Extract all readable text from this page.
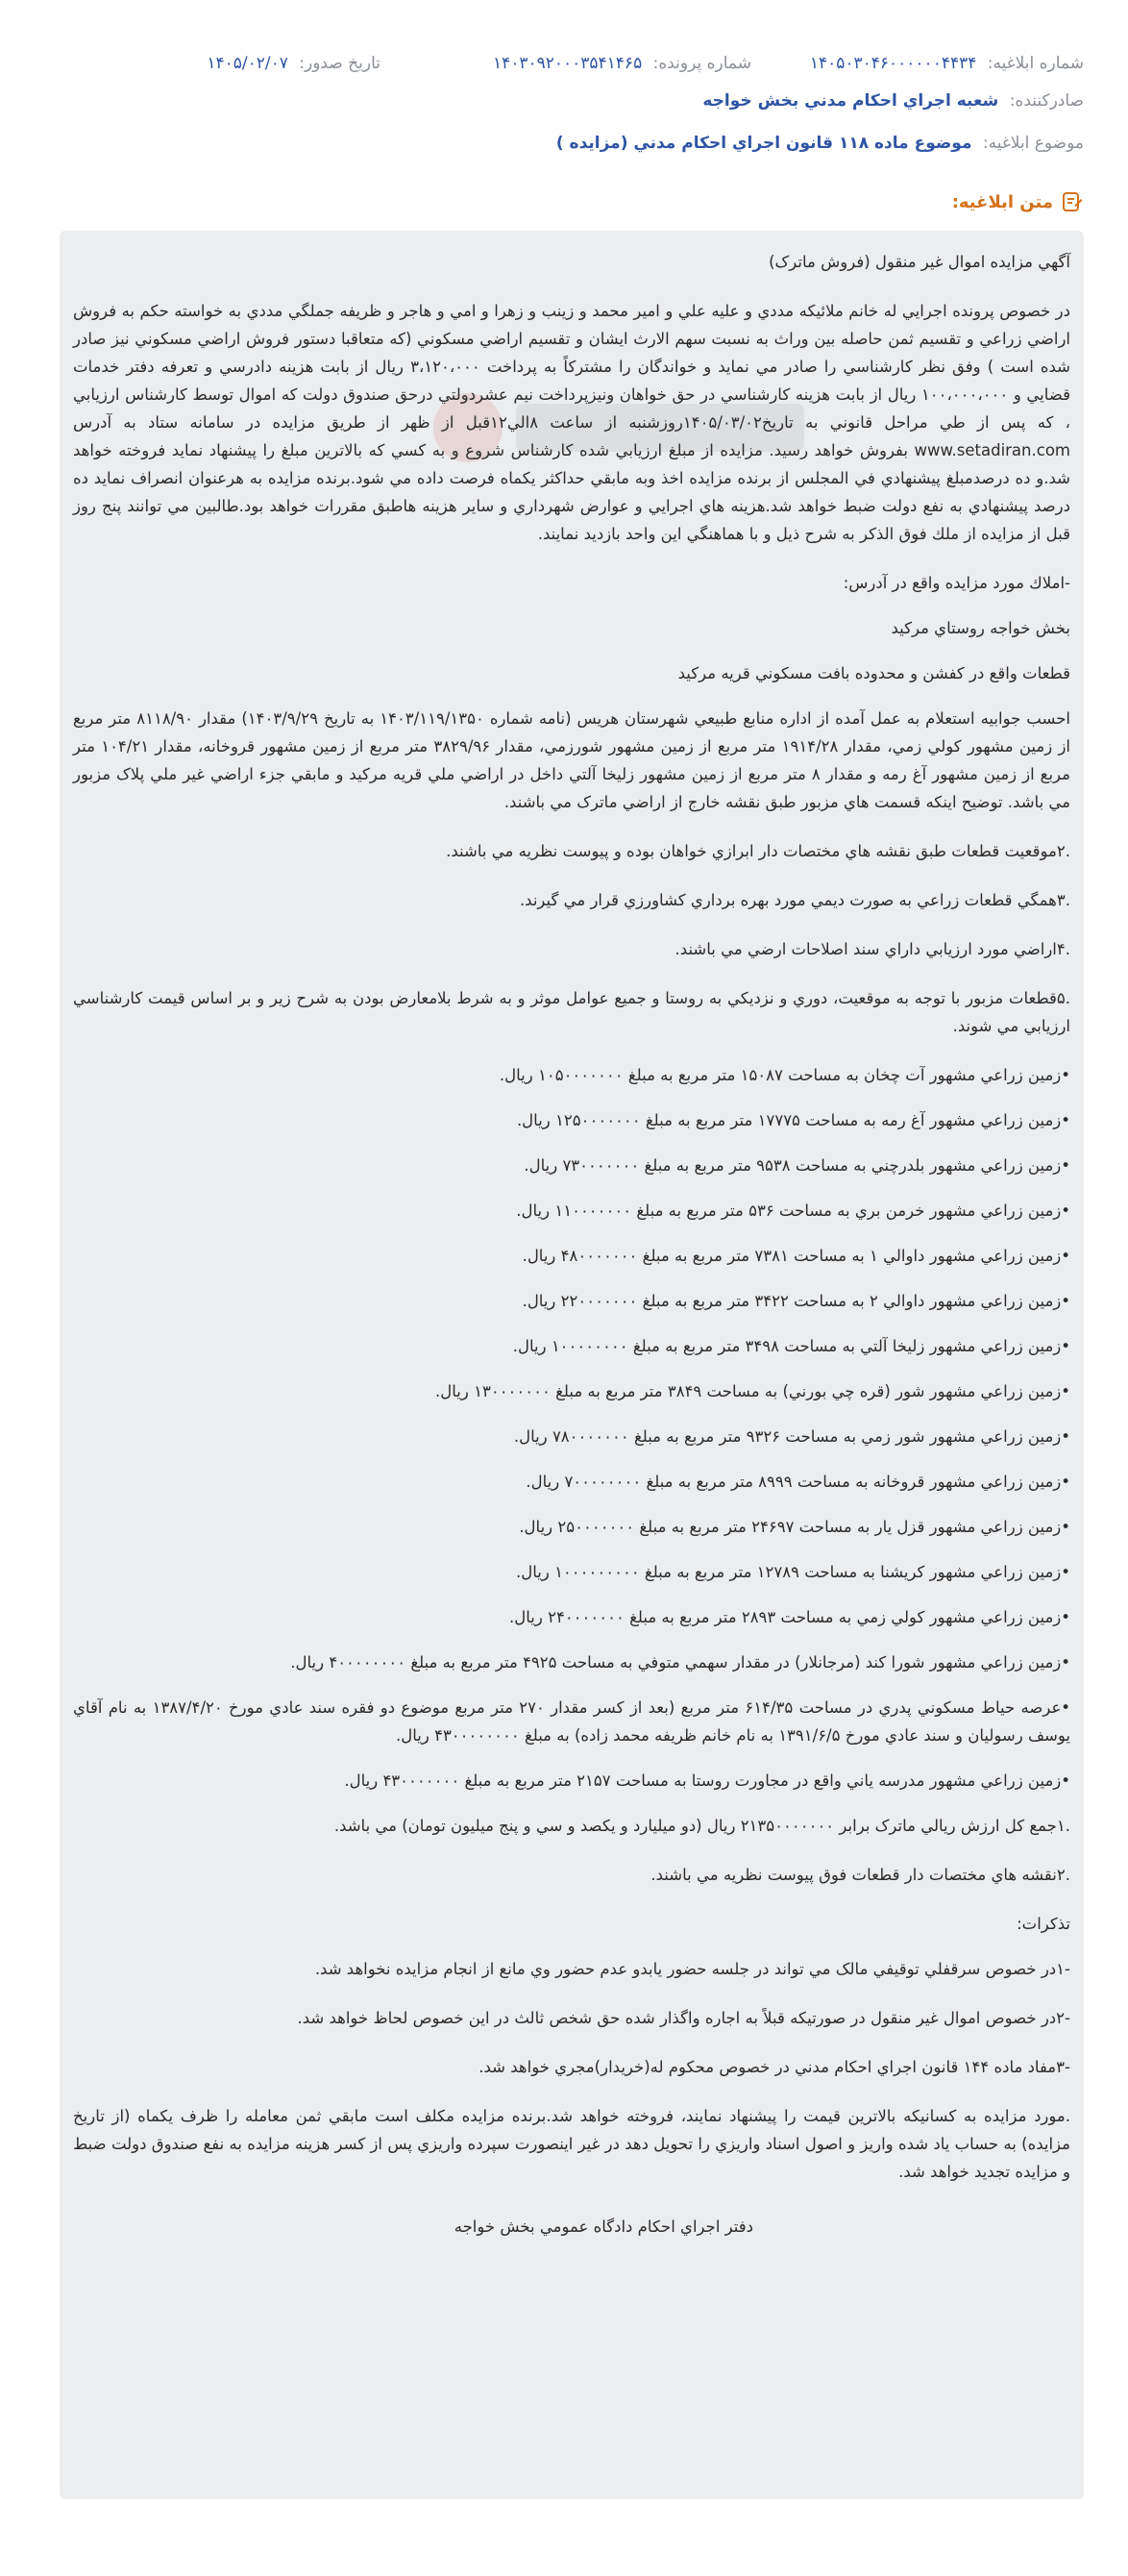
شماره ابلاغيه: ۱۴۰۵۰۳۰۴۶۰۰۰۰۰۰۴۴۳۴
شماره پرونده: ۱۴۰۳۰۹۲۰۰۰۳۵۴۱۴۶۵
تاريخ صدور: ۱۴۰۵/۰۲/۰۷
صادرکننده: شعبه اجراي احكام مدني بخش خواجه
موضوع ابلاغيه: موضوع ماده ۱۱۸ قانون اجراي احكام مدني (مزايده )
متن ابلاغيه:

آگهي مزايده اموال غير منقول (فروش ماترک)

در خصوص پرونده اجرايي له خانم ملائيکه مددي و عليه علي و امير محمد و زينب و زهرا و امي و هاجر و ظريفه جملگي مددي به خواسته حکم به فروش اراضي زراعي و تقسيم ثمن حاصله بين وراث به نسبت سهم الارث ايشان و تقسيم اراضي مسکوني (که متعاقبا دستور فروش اراضي مسکوني نيز صادر شده است ) وفق نظر کارشناسي را صادر مي نمايد و خواندگان را مشترکاً به پرداخت ۳،۱۲۰،۰۰۰ ريال از بابت هزينه دادرسي و تعرفه دفتر خدمات قضايي و ۱۰۰،۰۰۰،۰۰۰ ريال از بابت هزينه کارشناسي در حق خواهان ونيزپرداخت نيم عشردولتي درحق صندوق دولت که اموال توسط کارشناس ارزيابي ، که پس از طي مراحل قانوني به تاريخ۱۴۰۵/۰۳/۰۲روزشنبه از ساعت ۸الي۱۲قبل از ظهر از طريق مزايده در سامانه ستاد به آدرس www.setadiran.com بفروش خواهد رسيد. مزايده از مبلغ ارزيابي شده کارشناس شروع و به کسي که بالاترين مبلغ را پيشنهاد نمايد فروخته خواهد شد.و ده درصدمبلغ پيشنهادي في المجلس از برنده مزايده اخذ وبه مابقي حداکثر يکماه فرصت داده مي شود.برنده مزايده به هرعنوان انصراف نمايد ده درصد پيشنهادي به نفع دولت ضبط خواهد شد.هزينه هاي اجرايي و عوارض شهرداري و ساير هزينه هاطبق مقررات خواهد بود.طالبين مي توانند پنج روز قبل از مزايده از ملك فوق الذكر به شرح ذيل و با هماهنگي اين واحد بازديد نمايند.

-املاك مورد مزايده واقع در آدرس:

بخش خواجه روستاي مرکيد

قطعات واقع در کفشن و محدوده بافت مسکوني قريه مرکيد

احسب جوابيه استعلام به عمل آمده از اداره منابع طبيعي شهرستان هريس (نامه شماره ۱۴۰۳/۱۱۹/۱۳۵۰ به تاريخ ۱۴۰۳/۹/۲۹) مقدار ۸۱۱۸/۹۰ متر مربع از زمين مشهور کولي زمي، مقدار ۱۹۱۴/۲۸ متر مربع از زمين مشهور شورزمي، مقدار ۳۸۲۹/۹۶ متر مربع از زمين مشهور قروخانه، مقدار ۱۰۴/۲۱ متر مربع از زمين مشهور آغ رمه و مقدار ۸ متر مربع از زمين مشهور زليخا آلتي داخل در اراضي ملي قريه مرکيد و مابقي جزء اراضي غير ملي پلاک مزبور مي باشد. توضيح اينکه قسمت هاي مزبور طبق نقشه خارج از اراضي ماترک مي باشند.

.۲موقعيت قطعات طبق نقشه هاي مختصات دار ابرازي خواهان بوده و پيوست نظريه مي باشند.

.۳همگي قطعات زراعي به صورت ديمي مورد بهره برداري کشاورزي قرار مي گيرند.

.۴اراضي مورد ارزيابي داراي سند اصلاحات ارضي مي باشند.

.۵قطعات مزبور با توجه به موقعيت، دوري و نزديکي به روستا و جميع عوامل موثر و به شرط بلامعارض بودن به شرح زير و بر اساس قيمت کارشناسي ارزيابي مي شوند.

•زمين زراعي مشهور آت چخان به مساحت ۱۵۰۸۷ متر مربع به مبلغ ۱۰۵۰۰۰۰۰۰۰ ريال.

•زمين زراعي مشهور آغ رمه به مساحت ۱۷۷۷۵ متر مربع به مبلغ ۱۲۵۰۰۰۰۰۰۰ ريال.

•زمين زراعي مشهور بلدرچني به مساحت ۹۵۳۸ متر مربع به مبلغ ۷۳۰۰۰۰۰۰۰ ريال.

•زمين زراعي مشهور خرمن بري به مساحت ۵۳۶ متر مربع به مبلغ ۱۱۰۰۰۰۰۰۰ ريال.

•زمين زراعي مشهور داوالي ۱ به مساحت ۷۳۸۱ متر مربع به مبلغ ۴۸۰۰۰۰۰۰۰ ريال.

•زمين زراعي مشهور داوالي ۲ به مساحت ۳۴۲۲ متر مربع به مبلغ ۲۲۰۰۰۰۰۰۰ ريال.

•زمين زراعي مشهور زليخا آلتي به مساحت ۳۴۹۸ متر مربع به مبلغ ۱۰۰۰۰۰۰۰۰ ريال.

•زمين زراعي مشهور شور (قره چي بورني) به مساحت ۳۸۴۹ متر مربع به مبلغ ۱۳۰۰۰۰۰۰۰ ريال.

•زمين زراعي مشهور شور زمي به مساحت ۹۳۲۶ متر مربع به مبلغ ۷۸۰۰۰۰۰۰۰ ريال.

•زمين زراعي مشهور قروخانه به مساحت ۸۹۹۹ متر مربع به مبلغ ۷۰۰۰۰۰۰۰۰ ريال.

•زمين زراعي مشهور قزل يار به مساحت ۲۴۶۹۷ متر مربع به مبلغ ۲۵۰۰۰۰۰۰۰ ريال.

•زمين زراعي مشهور کريشنا به مساحت ۱۲۷۸۹ متر مربع به مبلغ ۱۰۰۰۰۰۰۰۰۰ ريال.

•زمين زراعي مشهور کولي زمي به مساحت ۲۸۹۳ متر مربع به مبلغ ۲۴۰۰۰۰۰۰۰ ريال.

•زمين زراعي مشهور شورا کند (مرجانلار) در مقدار سهمي متوفي به مساحت ۴۹۲۵ متر مربع به مبلغ ۴۰۰۰۰۰۰۰۰ ريال.

•عرصه حياط مسکوني پدري در مساحت ۶۱۴/۳۵ متر مربع (بعد از کسر مقدار ۲۷۰ متر مربع موضوع دو فقره سند عادي مورخ ۱۳۸۷/۴/۲۰ به نام آقاي يوسف رسوليان و سند عادي مورخ ۱۳۹۱/۶/۵ به نام خانم ظريفه محمد زاده) به مبلغ ۴۳۰۰۰۰۰۰۰۰ ريال.

•زمين زراعي مشهور مدرسه ياني واقع در مجاورت روستا به مساحت ۲۱۵۷ متر مربع به مبلغ ۴۳۰۰۰۰۰۰۰ ريال.

.۱جمع کل ارزش ريالي ماترک برابر ۲۱۳۵۰۰۰۰۰۰۰ ريال (دو ميليارد و يکصد و سي و پنج ميليون تومان) مي باشد.

.۲نقشه هاي مختصات دار قطعات فوق پيوست نظريه مي باشند.

تذکرات:

-۱در خصوص سرقفلي توقيفي مالک مي تواند در جلسه حضور يابدو عدم حضور وي مانع از انجام مزايده نخواهد شد.

-۲در خصوص اموال غير منقول در صورتيکه قبلاً به اجاره واگذار شده حق شخص ثالث در اين خصوص لحاظ خواهد شد.

-۳مفاد ماده ۱۴۴ قانون اجراي احکام مدني در خصوص محکوم له(خريدار)مجري خواهد شد.

.مورد مزايده به کسانيکه بالاترين قيمت را پيشنهاد نمايند، فروخته خواهد شد.برنده مزايده مکلف است مابقي ثمن معامله را ظرف يکماه (از تاريخ مزايده) به حساب ياد شده واريز و اصول اسناد واريزي را تحويل دهد در غير اينصورت سپرده واريزي پس از کسر هزينه مزايده به نفع صندوق دولت ضبط و مزايده تجديد خواهد شد.

دفتر اجراي احکام دادگاه عمومي بخش خواجه
